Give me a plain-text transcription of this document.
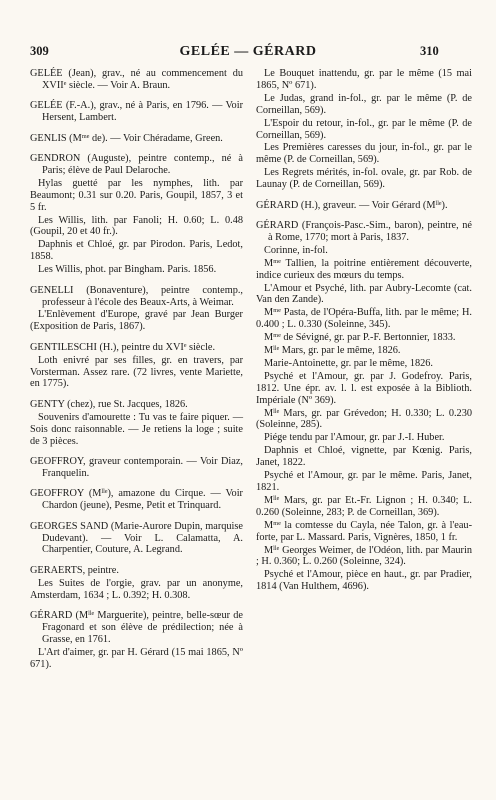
309	GELÉE — GÉRARD	310

GELÉE (Jean), grav., né au commencement du XVIIᵉ siècle. — Voir A. Braun.

GELÉE (F.-A.), grav., né à Paris, en 1796. — Voir Hersent, Lambert.

GENLIS (Mᵐᵉ de). — Voir Chéradame, Green.

GENDRON (Auguste), peintre contemp., né à Paris; élève de Paul Delaroche.

Hylas guetté par les nymphes, lith. par Beaumont; 0.31 sur 0.20. Paris, Goupil, 1857, 3 et 5 fr.

Les Willis, lith. par Fanoli; H. 0.60; L. 0.48 (Goupil, 20 et 40 fr.).

Daphnis et Chloé, gr. par Pirodon. Paris, Ledot, 1858.

Les Willis, phot. par Bingham. Paris. 1856.

GENELLI (Bonaventure), peintre contemp., professeur à l'école des Beaux-Arts, à Weimar.

L'Enlèvement d'Europe, gravé par Jean Burger (Exposition de Paris, 1867).

GENTILESCHI (H.), peintre du XVIᵉ siècle.

Loth enivré par ses filles, gr. en travers, par Vorsterman. Assez rare. (72 livres, vente Mariette, en 1775).

GENTY (chez), rue St. Jacques, 1826.

Souvenirs d'amourette : Tu vas te faire piquer. — Sois donc raisonnable. — Je retiens la loge ; suite de 3 pièces.

GEOFFROY, graveur contemporain. — Voir Diaz, Franquelin.

GEOFFROY (Mˡˡᵉ), amazone du Cirque. — Voir Chardon (jeune), Pesme, Petit et Trinquard.

GEORGES SAND (Marie-Aurore Dupin, marquise Dudevant). — Voir L. Calamatta, A. Charpentier, Couture, A. Legrand.

GERAERTS, peintre.

Les Suites de l'orgie, grav. par un anonyme, Amsterdam, 1634 ; L. 0.392; H. 0.308.

GÉRARD (Mˡˡᵉ Marguerite), peintre, belle-sœur de Fragonard et son élève de prédilection; née à Grasse, en 1761.

L'Art d'aimer, gr. par H. Gérard (15 mai 1865, Nº 671).

Le Bouquet inattendu, gr. par le même (15 mai 1865, Nº 671).

Le Judas, grand in-fol., gr. par le même (P. de Corneillan, 569).

L'Espoir du retour, in-fol., gr. par le même (P. de Corneillan, 569).

Les Premières caresses du jour, in-fol., gr. par le même (P. de Corneillan, 569).

Les Regrets mérités, in-fol. ovale, gr. par Rob. de Launay (P. de Corneillan, 569).

GÉRARD (H.), graveur. — Voir Gérard (Mˡˡᵉ).

GÉRARD (François-Pasc.-Sim., baron), peintre, né à Rome, 1770; mort à Paris, 1837.

Corinne, in-fol.

Mᵐᵉ Tallien, la poitrine entièrement découverte, indice curieux des mœurs du temps.

L'Amour et Psyché, lith. par Aubry-Lecomte (cat. Van den Zande).

Mᵐᵉ Pasta, de l'Opéra-Buffa, lith. par le même; H. 0.400 ; L. 0.330 (Soleinne, 345).

Mᵐᵉ de Sévigné, gr. par P.-F. Bertonnier, 1833.

Mˡˡᵉ Mars, gr. par le même, 1826.

Marie-Antoinette, gr. par le même, 1826.

Psyché et l'Amour, gr. par J. Godefroy. Paris, 1812. Une épr. av. l. l. est exposée à la Biblioth. Impériale (Nº 369).

Mˡˡᵉ Mars, gr. par Grévedon; H. 0.330; L. 0.230 (Soleinne, 285).

Piége tendu par l'Amour, gr. par J.-I. Huber.

Daphnis et Chloé, vignette, par Kœnig. Paris, Janet, 1822.

Psyché et l'Amour, gr. par le même. Paris, Janet, 1821.

Mˡˡᵉ Mars, gr. par Et.-Fr. Lignon ; H. 0.340; L. 0.260 (Soleinne, 283; P. de Corneillan, 369).

Mᵐᵉ la comtesse du Cayla, née Talon, gr. à l'eau-forte, par L. Massard. Paris, Vignères, 1850, 1 fr.

Mˡˡᵉ Georges Weimer, de l'Odéon, lith. par Maurin ; H. 0.360; L. 0.260 (Soleinne, 324).

Psyché et l'Amour, pièce en haut., gr. par Pradier, 1814 (Van Hulthem, 4696).
